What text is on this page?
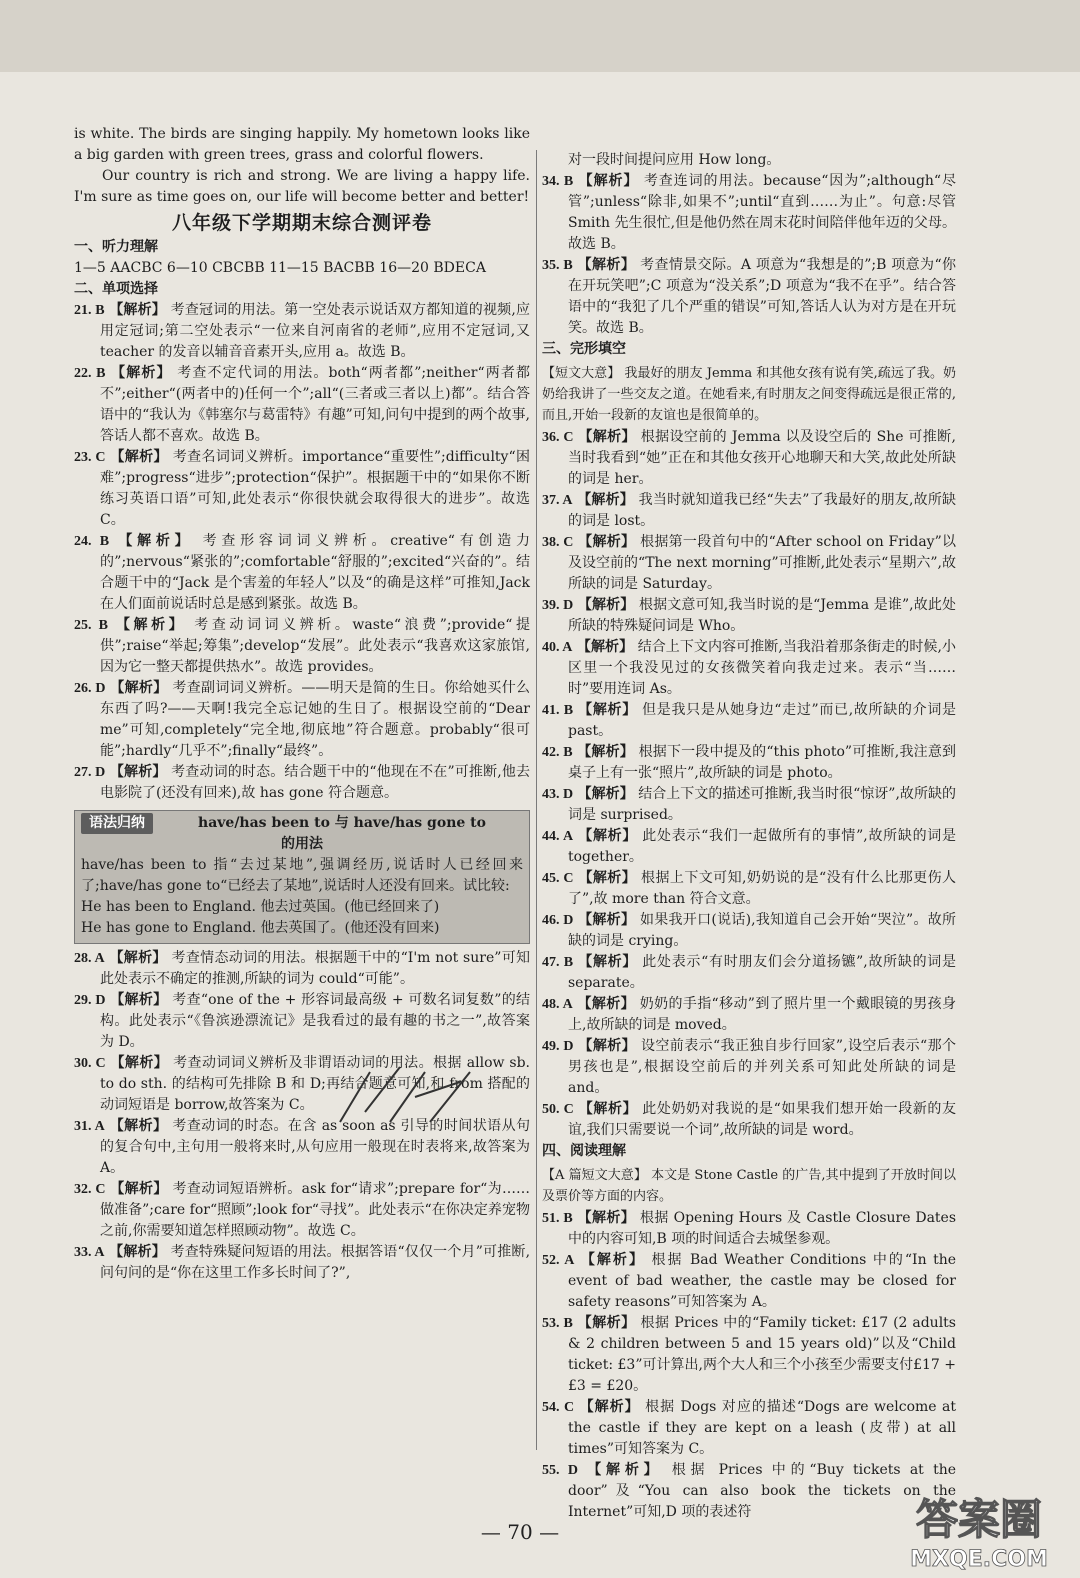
is white. The birds are singing happily. My hometown looks like a big garden with green trees, grass and colorful flowers.

Our country is rich and strong. We are living a happy life. I'm sure as time goes on, our life will become better and better!

八年级下学期期末综合测评卷

一、听力理解

1—5 AACBC 6—10 CBCBB 11—15 BACBB 16—20 BDECA

二、单项选择

21. B 【解析】 考查冠词的用法。第一空处表示说话双方都知道的视频,应用定冠词;第二空处表示“一位来自河南省的老师”,应用不定冠词,又 teacher 的发音以辅音音素开头,应用 a。故选 B。

22. B 【解析】 考查不定代词的用法。both“两者都”;neither“两者都不”;either“(两者中的)任何一个”;all“(三者或三者以上)都”。结合答语中的“我认为《韩塞尔与葛雷特》有趣”可知,问句中提到的两个故事,答话人都不喜欢。故选 B。

23. C 【解析】 考查名词词义辨析。importance“重要性”;difficulty“困难”;progress“进步”;protection“保护”。根据题干中的“如果你不断练习英语口语”可知,此处表示“你很快就会取得很大的进步”。故选 C。

24. B 【解析】 考查形容词词义辨析。creative“有创造力的”;nervous“紧张的”;comfortable“舒服的”;excited“兴奋的”。结合题干中的“Jack 是个害羞的年轻人”以及“的确是这样”可推知,Jack 在人们面前说话时总是感到紧张。故选 B。

25. B 【解析】 考查动词词义辨析。waste“浪费”;provide“提供”;raise“举起;筹集”;develop“发展”。此处表示“我喜欢这家旅馆,因为它一整天都提供热水”。故选 provides。

26. D 【解析】 考查副词词义辨析。——明天是简的生日。你给她买什么东西了吗?——天啊!我完全忘记她的生日了。根据设空前的“Dear me”可知,completely“完全地,彻底地”符合题意。probably“很可能”;hardly“几乎不”;finally“最终”。

27. D 【解析】 考查动词的时态。结合题干中的“他现在不在”可推断,他去电影院了(还没有回来),故 has gone 符合题意。

语法归纳	have/has been to 与 have/has gone to

的用法

have/has been to 指“去过某地”,强调经历,说话时人已经回来了;have/has gone to“已经去了某地”,说话时人还没有回来。试比较:

He has been to England. 他去过英国。(他已经回来了)

He has gone to England. 他去英国了。(他还没有回来)

28. A 【解析】 考查情态动词的用法。根据题干中的“I'm not sure”可知此处表示不确定的推测,所缺的词为 could“可能”。

29. D 【解析】 考查“one of the + 形容词最高级 + 可数名词复数”的结构。此处表示“《鲁滨逊漂流记》是我看过的最有趣的书之一”,故答案为 D。

30. C 【解析】 考查动词词义辨析及非谓语动词的用法。根据 allow sb. to do sth. 的结构可先排除 B 和 D;再结合题意可知,和 from 搭配的动词短语是 borrow,故答案为 C。

31. A 【解析】 考查动词的时态。在含 as soon as 引导的时间状语从句的复合句中,主句用一般将来时,从句应用一般现在时表将来,故答案为 A。

32. C 【解析】 考查动词短语辨析。ask for“请求”;prepare for“为……做准备”;care for“照顾”;look for“寻找”。此处表示“在你决定养宠物之前,你需要知道怎样照顾动物”。故选 C。

33. A 【解析】 考查特殊疑问短语的用法。根据答语“仅仅一个月”可推断,问句问的是“你在这里工作多长时间了?”,

对一段时间提问应用 How long。

34. B 【解析】 考查连词的用法。because“因为”;although“尽管”;unless“除非,如果不”;until“直到……为止”。句意:尽管 Smith 先生很忙,但是他仍然在周末花时间陪伴他年迈的父母。故选 B。

35. B 【解析】 考查情景交际。A 项意为“我想是的”;B 项意为“你在开玩笑吧”;C 项意为“没关系”;D 项意为“我不在乎”。结合答语中的“我犯了几个严重的错误”可知,答话人认为对方是在开玩笑。故选 B。

三、完形填空

【短文大意】 我最好的朋友 Jemma 和其他女孩有说有笑,疏远了我。奶奶给我讲了一些交友之道。在她看来,有时朋友之间变得疏远是很正常的,而且,开始一段新的友谊也是很简单的。

36. C 【解析】 根据设空前的 Jemma 以及设空后的 She 可推断,当时我看到“她”正在和其他女孩开心地聊天和大笑,故此处所缺的词是 her。

37. A 【解析】 我当时就知道我已经“失去”了我最好的朋友,故所缺的词是 lost。

38. C 【解析】 根据第一段首句中的“After school on Friday”以及设空前的“The next morning”可推断,此处表示“星期六”,故所缺的词是 Saturday。

39. D 【解析】 根据文意可知,我当时说的是“Jemma 是谁”,故此处所缺的特殊疑问词是 Who。

40. A 【解析】 结合上下文内容可推断,当我沿着那条街走的时候,小区里一个我没见过的女孩微笑着向我走过来。表示“当……时”要用连词 As。

41. B 【解析】 但是我只是从她身边“走过”而已,故所缺的介词是 past。

42. B 【解析】 根据下一段中提及的“this photo”可推断,我注意到桌子上有一张“照片”,故所缺的词是 photo。

43. D 【解析】 结合上下文的描述可推断,我当时很“惊讶”,故所缺的词是 surprised。

44. A 【解析】 此处表示“我们一起做所有的事情”,故所缺的词是 together。

45. C 【解析】 根据上下文可知,奶奶说的是“没有什么比那更伤人了”,故 more than 符合文意。

46. D 【解析】 如果我开口(说话),我知道自己会开始“哭泣”。故所缺的词是 crying。

47. B 【解析】 此处表示“有时朋友们会分道扬镳”,故所缺的词是 separate。

48. A 【解析】 奶奶的手指“移动”到了照片里一个戴眼镜的男孩身上,故所缺的词是 moved。

49. D 【解析】 设空前表示“我正独自步行回家”,设空后表示“那个男孩也是”,根据设空前后的并列关系可知此处所缺的词是 and。

50. C 【解析】 此处奶奶对我说的是“如果我们想开始一段新的友谊,我们只需要说一个词”,故所缺的词是 word。

四、阅读理解

【A 篇短文大意】 本文是 Stone Castle 的广告,其中提到了开放时间以及票价等方面的内容。

51. B 【解析】 根据 Opening Hours 及 Castle Closure Dates 中的内容可知,B 项的时间适合去城堡参观。

52. A 【解析】 根据 Bad Weather Conditions 中的“In the event of bad weather, the castle may be closed for safety reasons”可知答案为 A。

53. B 【解析】 根据 Prices 中的“Family ticket: £17 (2 adults & 2 children between 5 and 15 years old)”以及“Child ticket: £3”可计算出,两个大人和三个小孩至少需要支付£17 + £3 = £20。

54. C 【解析】 根据 Dogs 对应的描述“Dogs are welcome at the castle if they are kept on a leash (皮带) at all times”可知答案为 C。

55. D 【解析】 根据 Prices 中的“Buy tickets at the door”及“You can also book the tickets on the Internet”可知,D 项的表述符

— 70 —	答案圈
MXQE.COM
